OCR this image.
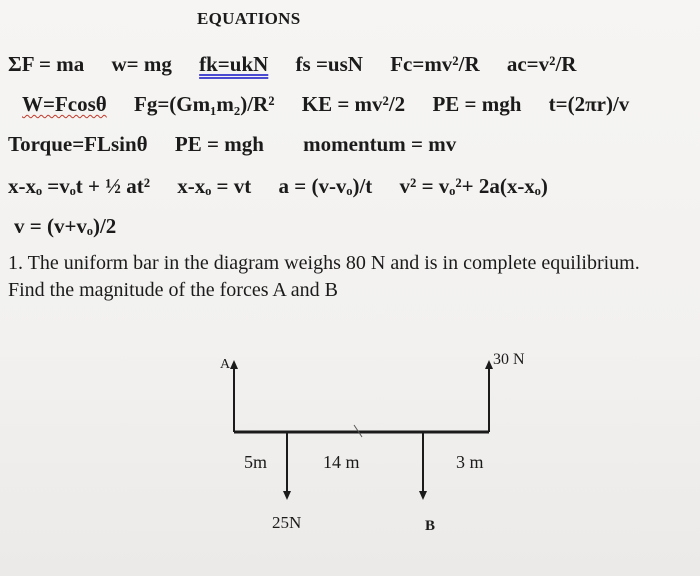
EQUATIONS
ΣF = ma w= mg fk=ukN fs =usN Fc=mv²/R ac=v²/R
W=Fcosθ Fg=(Gm₁m₂)/R² KE = mv²/2 PE = mgh t=(2πr)/v
Torque=FLsinθ PE = mgh momentum = mv
x-xₒ =vₒt + ½ at² x-xₒ = vt a = (v-vₒ)/t v² = vₒ²+ 2a(x-xₒ)
v = (v+vₒ)/2
1. The uniform bar in the diagram weighs 80 N and is in complete equilibrium. Find the magnitude of the forces A and B
A	30 N
25N	B
5m	14 m	3 m
